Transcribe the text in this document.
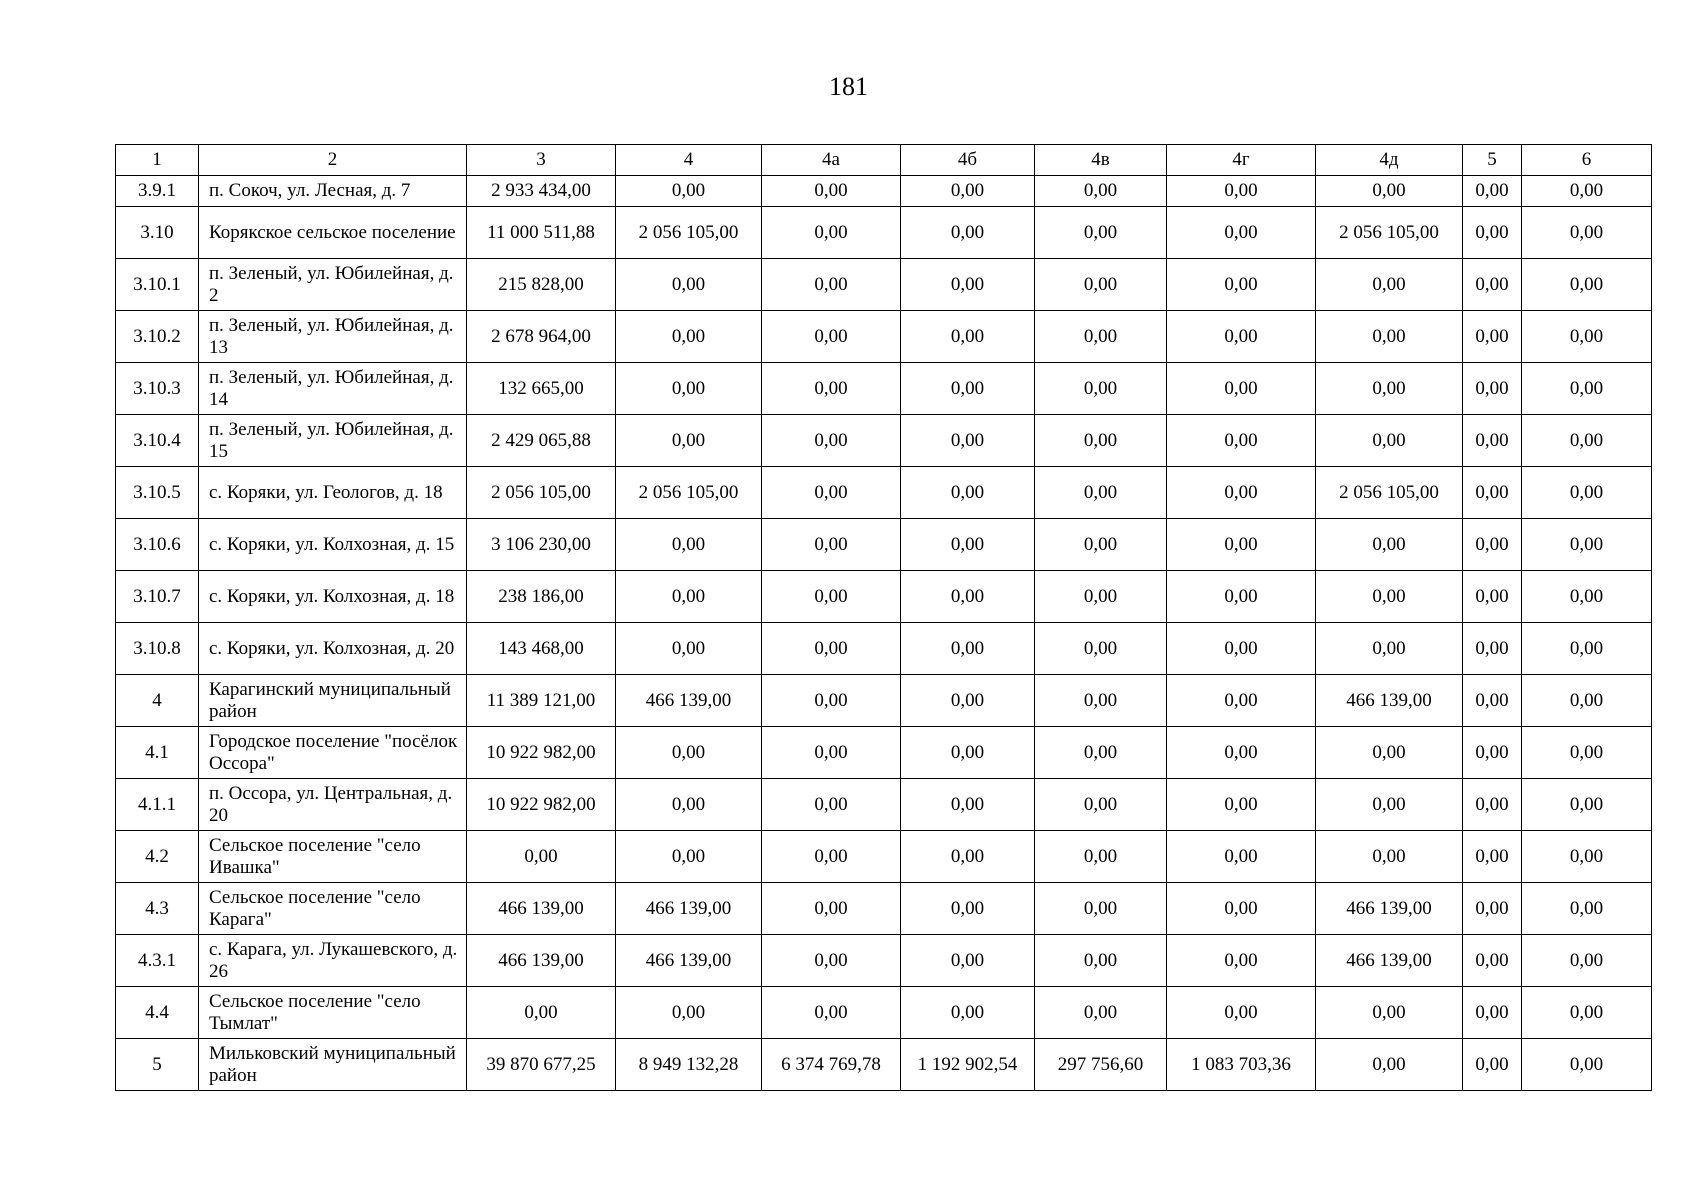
181
1	2	3	4	4а	4б	4в	4г	4д	5	6
3.9.1	п. Сокоч, ул. Лесная, д. 7	2 933 434,00	0,00	0,00	0,00	0,00	0,00	0,00	0,00	0,00
3.10	Корякское сельское поселение	11 000 511,88	2 056 105,00	0,00	0,00	0,00	0,00	2 056 105,00	0,00	0,00
3.10.1	п. Зеленый, ул. Юбилейная, д. 2	215 828,00	0,00	0,00	0,00	0,00	0,00	0,00	0,00	0,00
3.10.2	п. Зеленый, ул. Юбилейная, д. 13	2 678 964,00	0,00	0,00	0,00	0,00	0,00	0,00	0,00	0,00
3.10.3	п. Зеленый, ул. Юбилейная, д. 14	132 665,00	0,00	0,00	0,00	0,00	0,00	0,00	0,00	0,00
3.10.4	п. Зеленый, ул. Юбилейная, д. 15	2 429 065,88	0,00	0,00	0,00	0,00	0,00	0,00	0,00	0,00
3.10.5	с. Коряки, ул. Геологов, д. 18	2 056 105,00	2 056 105,00	0,00	0,00	0,00	0,00	2 056 105,00	0,00	0,00
3.10.6	с. Коряки, ул. Колхозная, д. 15	3 106 230,00	0,00	0,00	0,00	0,00	0,00	0,00	0,00	0,00
3.10.7	с. Коряки, ул. Колхозная, д. 18	238 186,00	0,00	0,00	0,00	0,00	0,00	0,00	0,00	0,00
3.10.8	с. Коряки, ул. Колхозная, д. 20	143 468,00	0,00	0,00	0,00	0,00	0,00	0,00	0,00	0,00
4	Карагинский муниципальный район	11 389 121,00	466 139,00	0,00	0,00	0,00	0,00	466 139,00	0,00	0,00
4.1	Городское поселение "посёлок Оссора"	10 922 982,00	0,00	0,00	0,00	0,00	0,00	0,00	0,00	0,00
4.1.1	п. Оссора, ул. Центральная, д. 20	10 922 982,00	0,00	0,00	0,00	0,00	0,00	0,00	0,00	0,00
4.2	Сельское поселение "село Ивашка"	0,00	0,00	0,00	0,00	0,00	0,00	0,00	0,00	0,00
4.3	Сельское поселение "село Карага"	466 139,00	466 139,00	0,00	0,00	0,00	0,00	466 139,00	0,00	0,00
4.3.1	с. Карага, ул. Лукашевского, д. 26	466 139,00	466 139,00	0,00	0,00	0,00	0,00	466 139,00	0,00	0,00
4.4	Сельское поселение "село Тымлат"	0,00	0,00	0,00	0,00	0,00	0,00	0,00	0,00	0,00
5	Мильковский муниципальный район	39 870 677,25	8 949 132,28	6 374 769,78	1 192 902,54	297 756,60	1 083 703,36	0,00	0,00	0,00
